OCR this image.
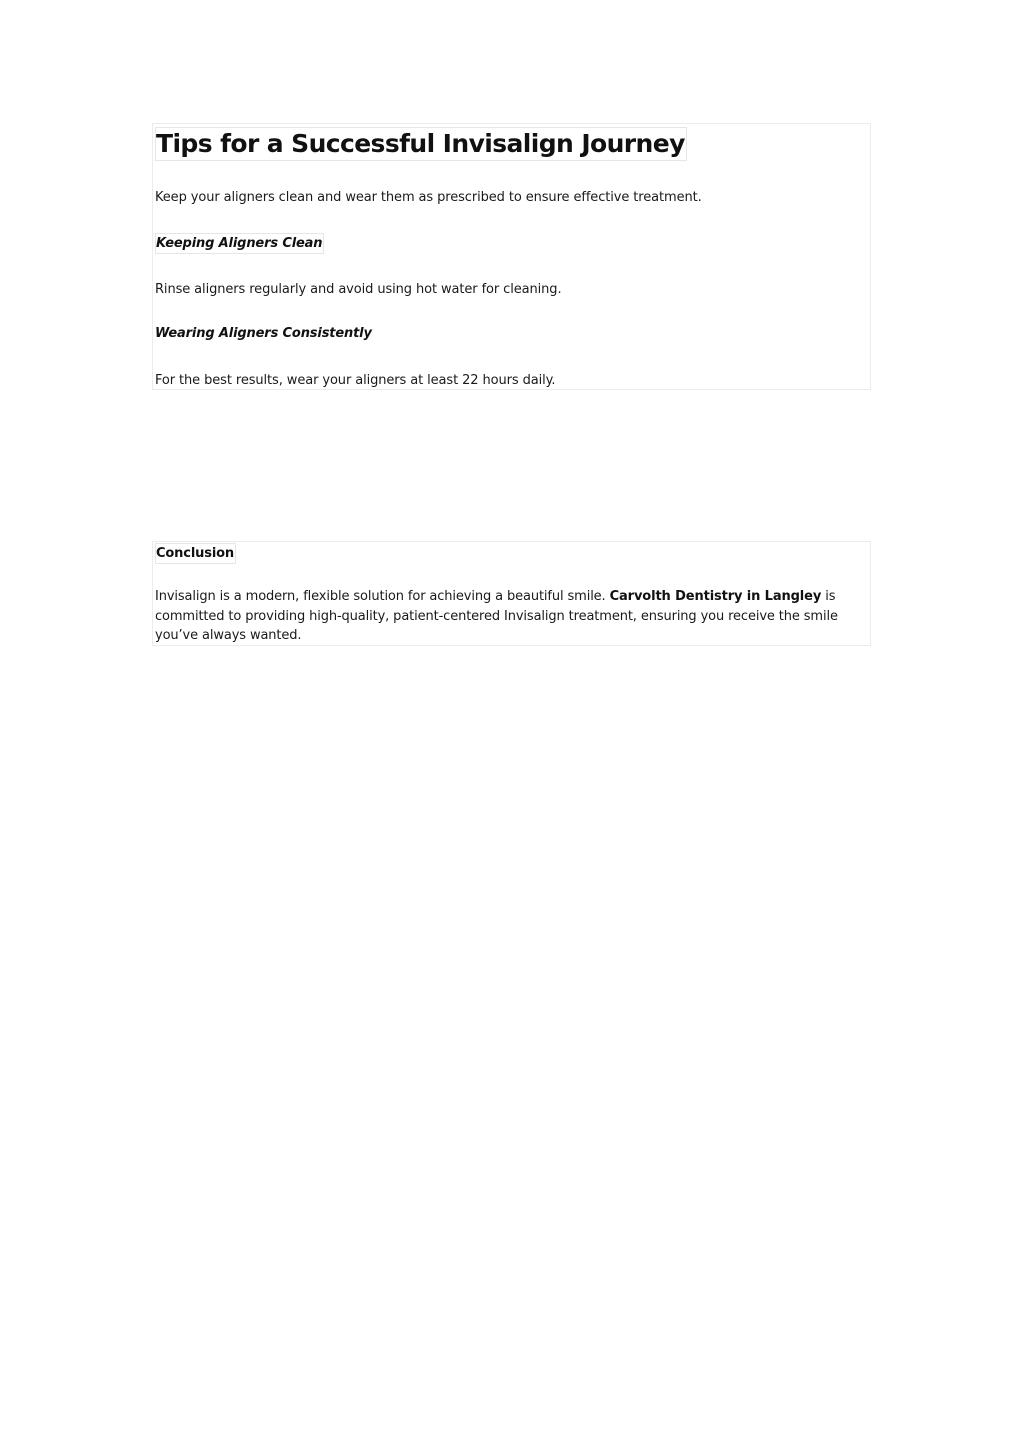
Tips for a Successful Invisalign Journey

Keep your aligners clean and wear them as prescribed to ensure effective treatment.

Keeping Aligners Clean

Rinse aligners regularly and avoid using hot water for cleaning.

Wearing Aligners Consistently

For the best results, wear your aligners at least 22 hours daily.

Conclusion

Invisalign is a modern, flexible solution for achieving a beautiful smile. Carvolth Dentistry in Langley is committed to providing high-quality, patient-centered Invisalign treatment, ensuring you receive the smile you’ve always wanted.
